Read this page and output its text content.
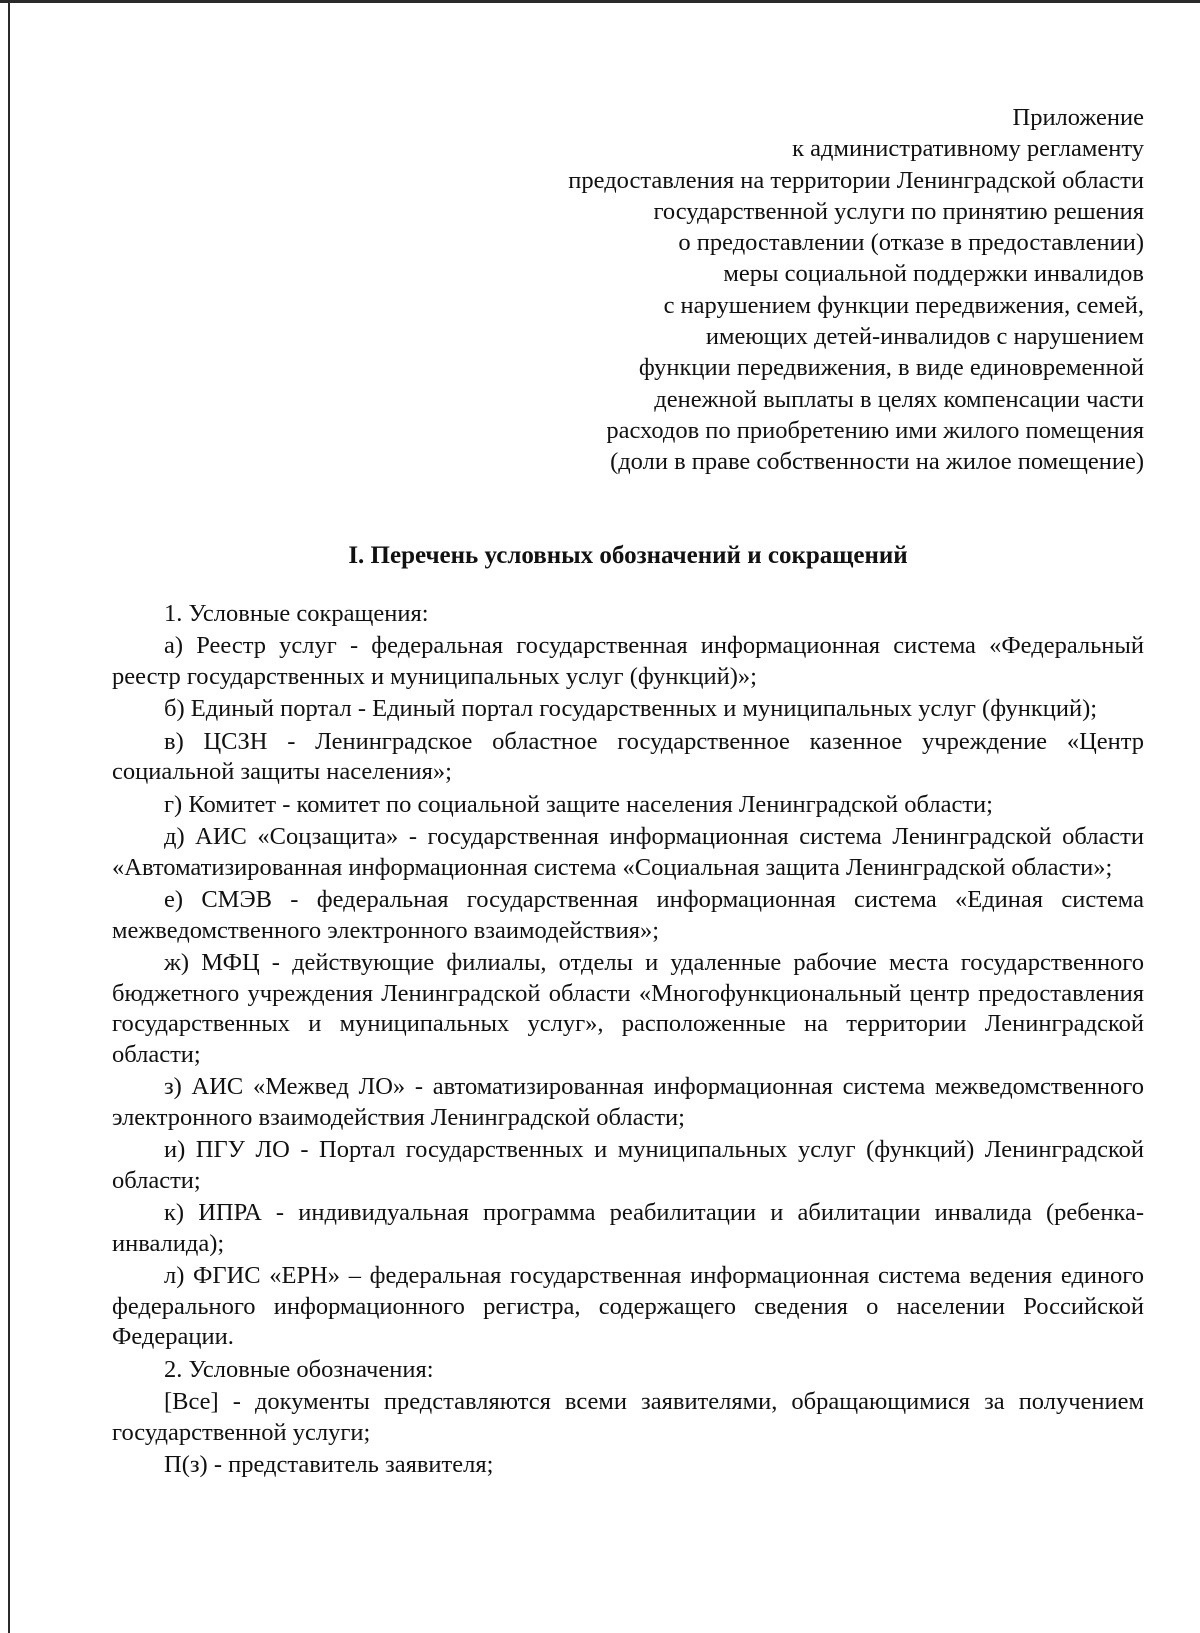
Приложение
к административному регламенту
предоставления на территории Ленинградской области
государственной услуги по принятию решения
о предоставлении (отказе в предоставлении)
меры социальной поддержки инвалидов
с нарушением функции передвижения, семей,
имеющих детей-инвалидов с нарушением
функции передвижения, в виде единовременной
денежной выплаты в целях компенсации части
расходов по приобретению ими жилого помещения
(доли в праве собственности на жилое помещение)
I. Перечень условных обозначений и сокращений

1. Условные сокращения:

а) Реестр услуг - федеральная государственная информационная система «Федеральный реестр государственных и муниципальных услуг (функций)»;

б) Единый портал - Единый портал государственных и муниципальных услуг (функций);

в) ЦСЗН - Ленинградское областное государственное казенное учреждение «Центр социальной защиты населения»;

г) Комитет - комитет по социальной защите населения Ленинградской области;

д) АИС «Соцзащита» - государственная информационная система Ленинградской области «Автоматизированная информационная система «Социальная защита Ленинградской области»;

е) СМЭВ - федеральная государственная информационная система «Единая система межведомственного электронного взаимодействия»;

ж) МФЦ - действующие филиалы, отделы и удаленные рабочие места государственного бюджетного учреждения Ленинградской области «Многофункциональный центр предоставления государственных и муниципальных услуг», расположенные на территории Ленинградской области;

з) АИС «Межвед ЛО» - автоматизированная информационная система межведомственного электронного взаимодействия Ленинградской области;

и) ПГУ ЛО - Портал государственных и муниципальных услуг (функций) Ленинградской области;

к) ИПРА - индивидуальная программа реабилитации и абилитации инвалида (ребенка-инвалида);

л) ФГИС «ЕРН» – федеральная государственная информационная система ведения единого федерального информационного регистра, содержащего сведения о населении Российской Федерации.

2. Условные обозначения:

[Все] - документы представляются всеми заявителями, обращающимися за получением государственной услуги;

П(з) - представитель заявителя;
